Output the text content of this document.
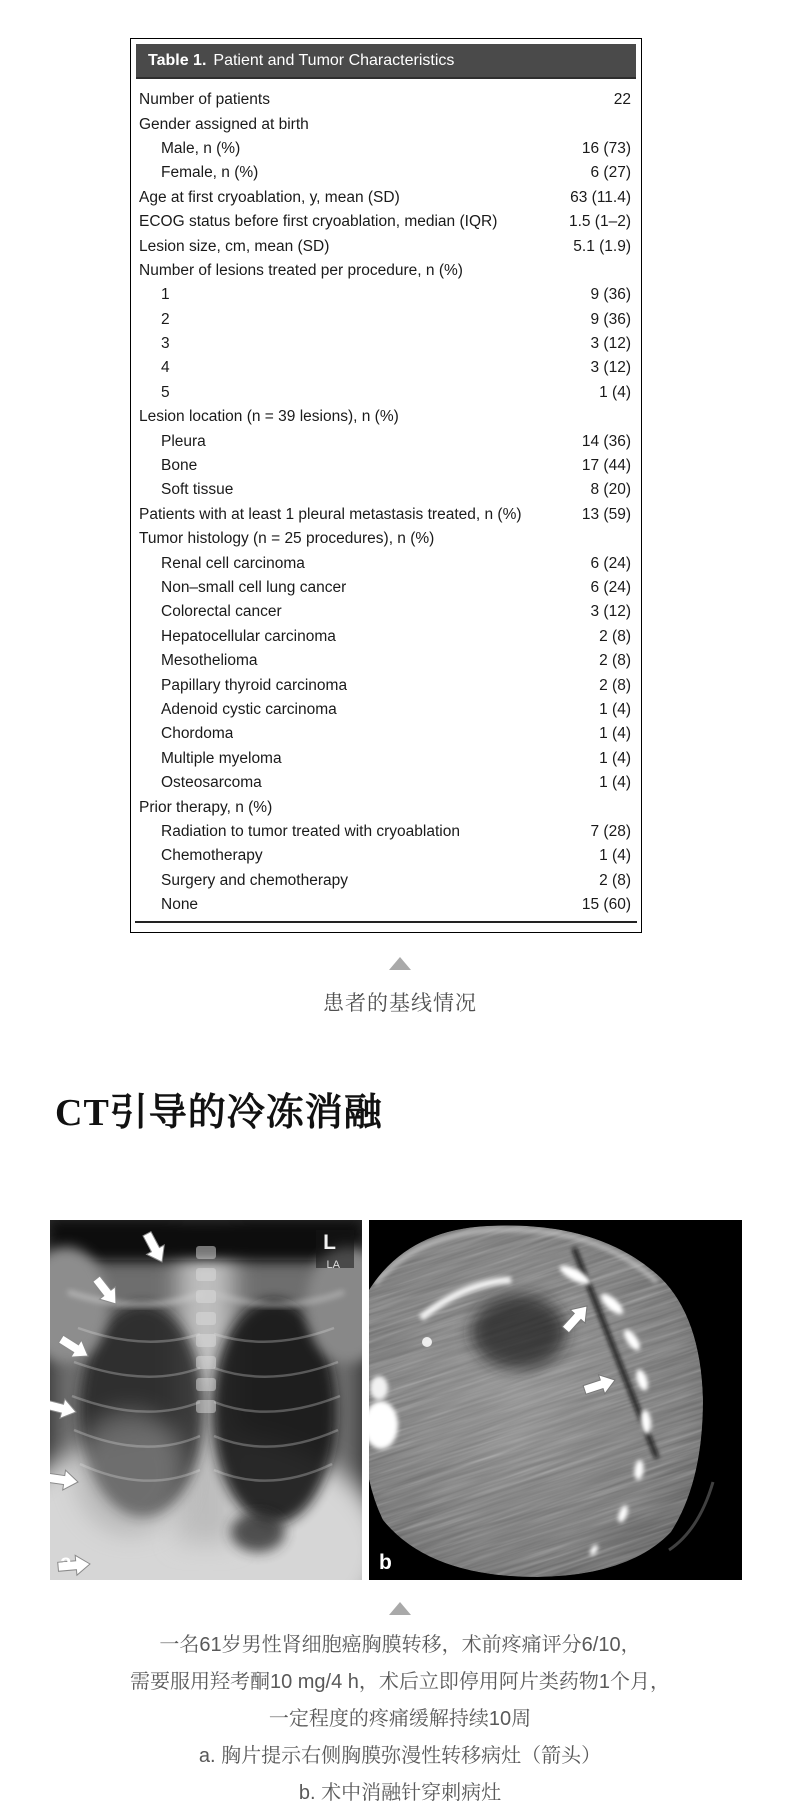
Table 1. Patient and Tumor Characteristics
Number of patients	22
Gender assigned at birth
Male, n (%)	16 (73)
Female, n (%)	6 (27)
Age at first cryoablation, y, mean (SD)	63 (11.4)
ECOG status before first cryoablation, median (IQR)	1.5 (1–2)
Lesion size, cm, mean (SD)	5.1 (1.9)
Number of lesions treated per procedure, n (%)
1	9 (36)
2	9 (36)
3	3 (12)
4	3 (12)
5	1 (4)
Lesion location (n = 39 lesions), n (%)
Pleura	14 (36)
Bone	17 (44)
Soft tissue	8 (20)
Patients with at least 1 pleural metastasis treated, n (%)	13 (59)
Tumor histology (n = 25 procedures), n (%)
Renal cell carcinoma	6 (24)
Non–small cell lung cancer	6 (24)
Colorectal cancer	3 (12)
Hepatocellular carcinoma	2 (8)
Mesothelioma	2 (8)
Papillary thyroid carcinoma	2 (8)
Adenoid cystic carcinoma	1 (4)
Chordoma	1 (4)
Multiple myeloma	1 (4)
Osteosarcoma	1 (4)
Prior therapy, n (%)
Radiation to tumor treated with cryoablation	7 (28)
Chemotherapy	1 (4)
Surgery and chemotherapy	2 (8)
None	15 (60)
患者的基线情况
CT引导的冷冻消融
L
LA
a	b
一名61岁男性肾细胞癌胸膜转移，术前疼痛评分6/10，
需要服用羟考酮10 mg/4 h，术后立即停用阿片类药物1个月，
一定程度的疼痛缓解持续10周
a. 胸片提示右侧胸膜弥漫性转移病灶（箭头）
b. 术中消融针穿刺病灶
